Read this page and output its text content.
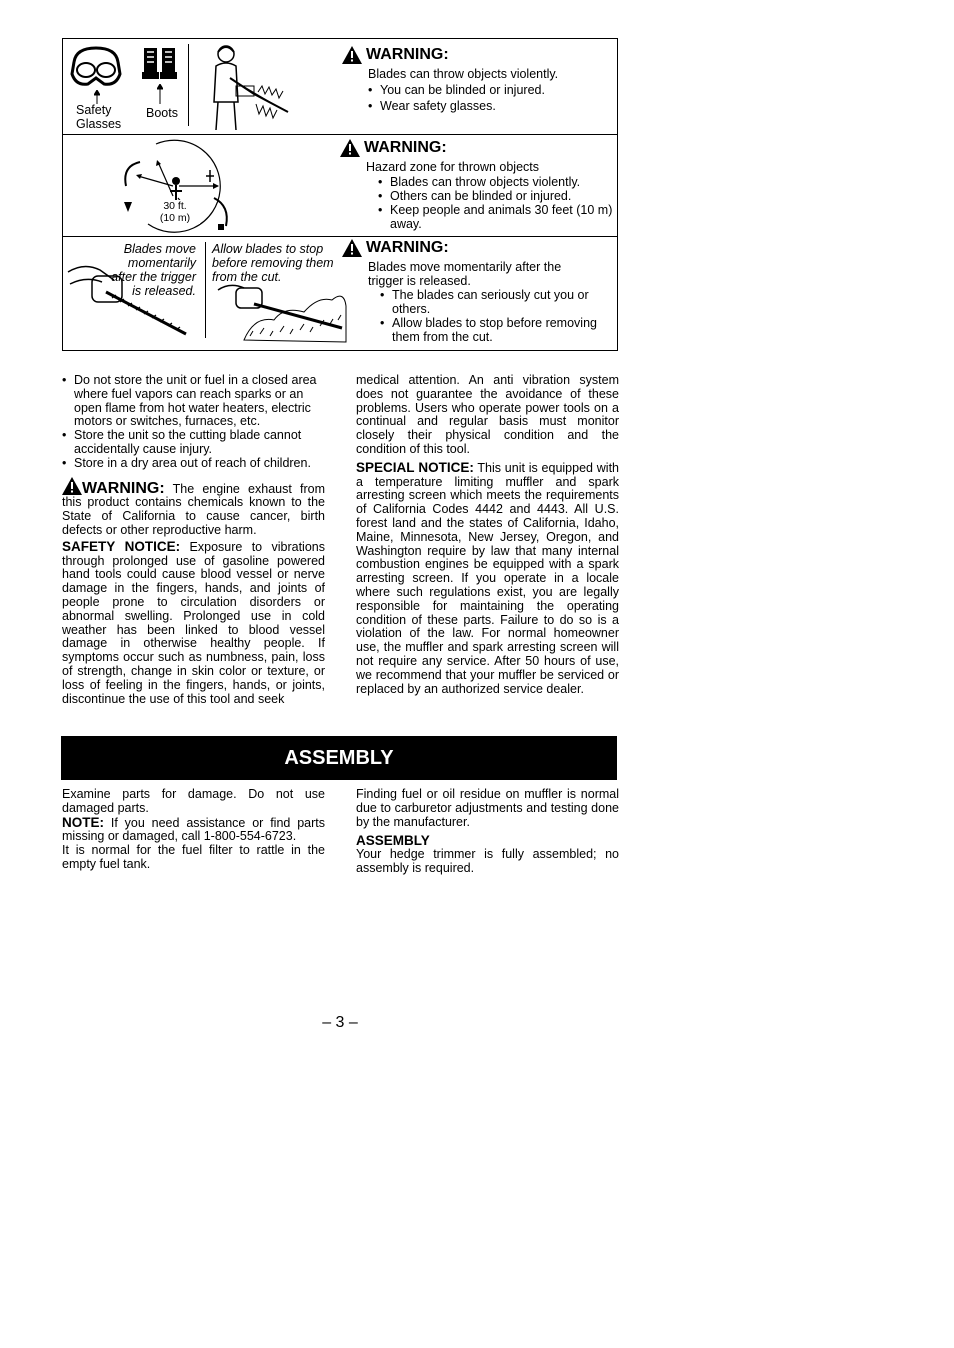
Safety Glasses
Boots
WARNING:
Blades can throw objects violently.
• You can be blinded or injured.
• Wear safety glasses.
30 ft.
(10 m)
WARNING:
Hazard zone for thrown objects
• Blades can throw objects violently.
• Others can be blinded or injured.
• Keep people and animals 30 feet (10 m) away.
Blades move momentarily after the trigger is released.
Allow blades to stop before removing them from the cut.
WARNING:
Blades move momentarily after the trigger is released.
• The blades can seriously cut you or others.
• Allow blades to stop before removing them from the cut.
• Do not store the unit or fuel in a closed area where fuel vapors can reach sparks or an open flame from hot water heaters, electric motors or switches, furnaces, etc.
• Store the unit so the cutting blade cannot accidentally cause injury.
• Store in a dry area out of reach of children.
WARNING: The engine exhaust from this product contains chemicals known to the State of California to cause cancer, birth defects or other reproductive harm.
SAFETY NOTICE: Exposure to vibrations through prolonged use of gasoline powered hand tools could cause blood vessel or nerve damage in the fingers, hands, and joints of people prone to circulation disorders or abnormal swelling. Prolonged use in cold weather has been linked to blood vessel damage in otherwise healthy people. If symptoms occur such as numbness, pain, loss of strength, change in skin color or texture, or loss of feeling in the fingers, hands, or joints, discontinue the use of this tool and seek
medical attention. An anti vibration system does not guarantee the avoidance of these problems. Users who operate power tools on a continual and regular basis must monitor closely their physical condition and the condition of this tool.
SPECIAL NOTICE: This unit is equipped with a temperature limiting muffler and spark arresting screen which meets the requirements of California Codes 4442 and 4443. All U.S. forest land and the states of California, Idaho, Maine, Minnesota, New Jersey, Oregon, and Washington require by law that many internal combustion engines be equipped with a spark arresting screen. If you operate in a locale where such regulations exist, you are legally responsible for maintaining the operating condition of these parts. Failure to do so is a violation of the law. For normal homeowner use, the muffler and spark arresting screen will not require any service. After 50 hours of use, we recommend that your muffler be serviced or replaced by an authorized service dealer.
ASSEMBLY
Examine parts for damage. Do not use damaged parts.
NOTE: If you need assistance or find parts missing or damaged, call 1-800-554-6723.
It is normal for the fuel filter to rattle in the empty fuel tank.
Finding fuel or oil residue on muffler is normal due to carburetor adjustments and testing done by the manufacturer.
ASSEMBLY
Your hedge trimmer is fully assembled; no assembly is required.
– 3 –
